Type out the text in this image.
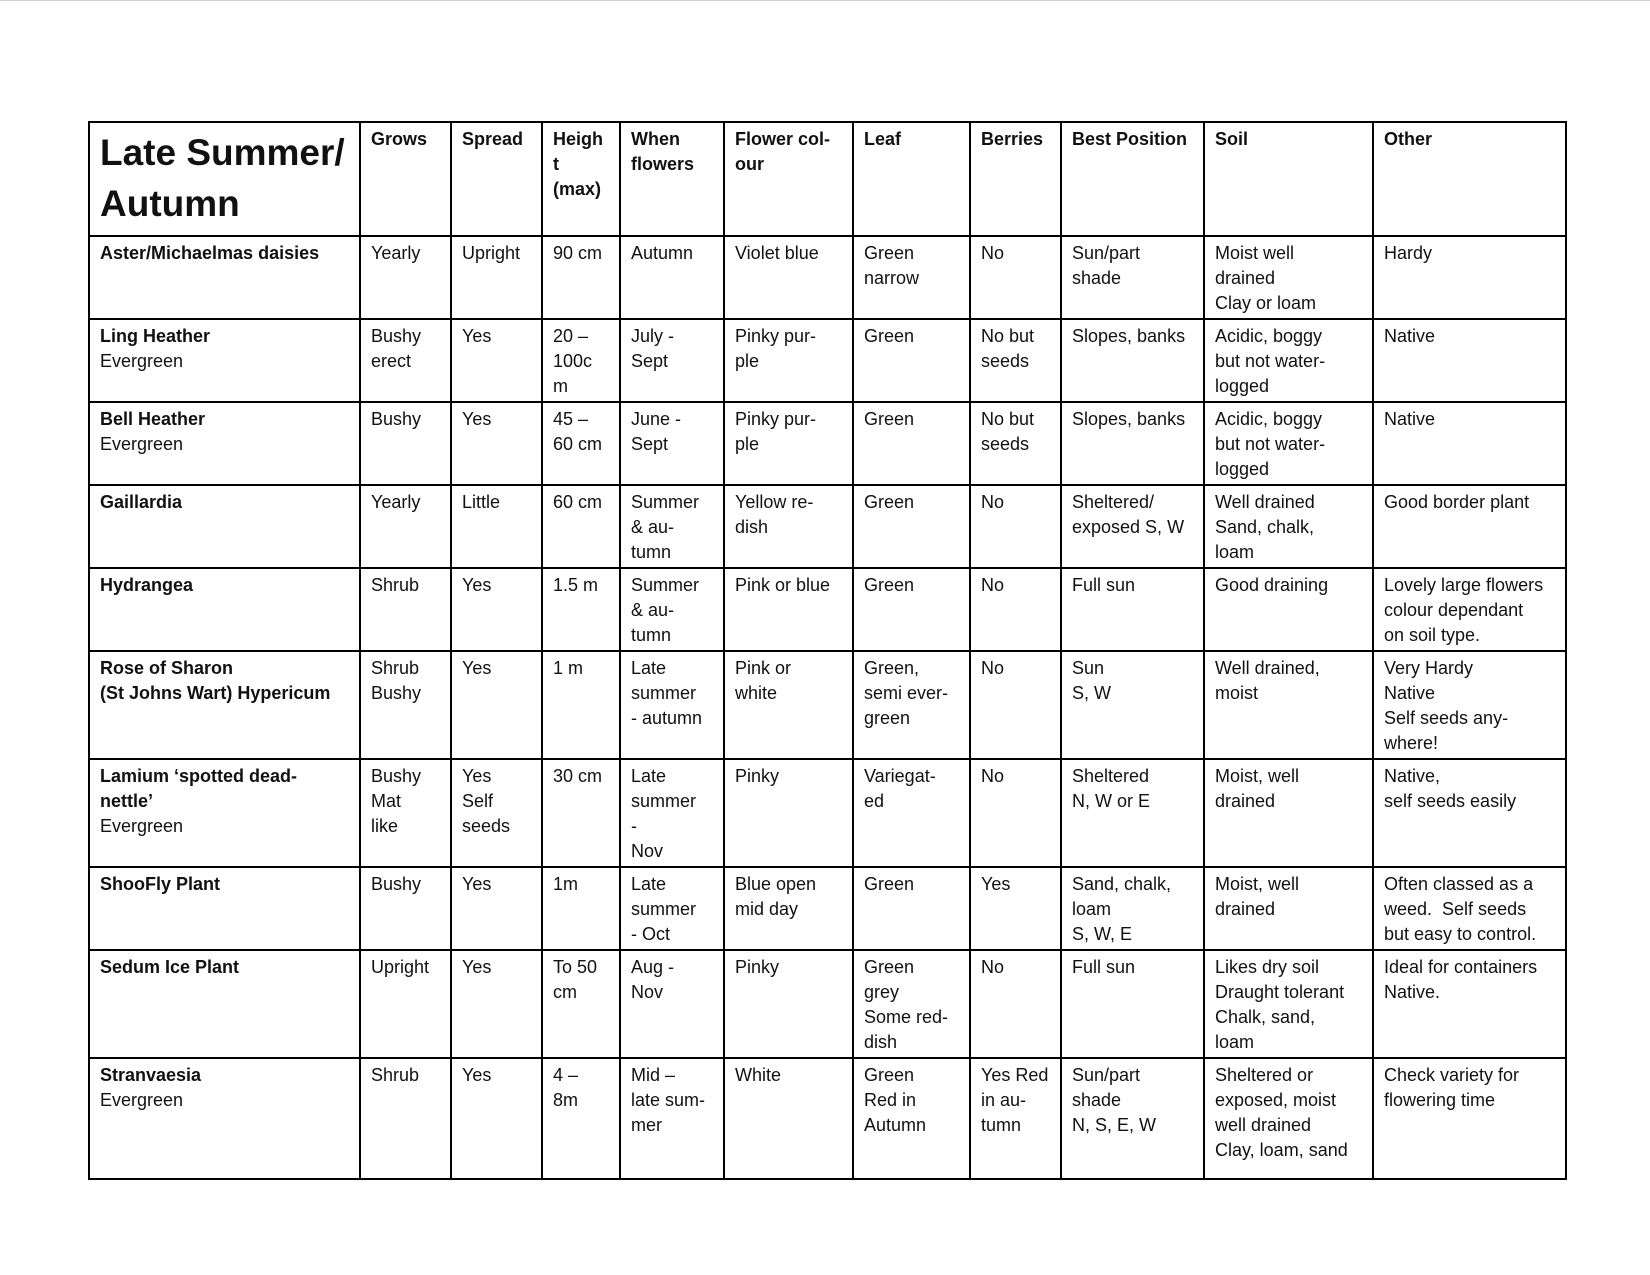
Late Summer/
Autumn	Grows	Spread	Heigh
t
(max)	When
flowers	Flower col-
our	Leaf	Berries	Best Position	Soil	Other

Aster/Michaelmas daisies	Yearly	Upright	90 cm	Autumn	Violet blue	Green
narrow	No	Sun/part
shade	Moist well
drained
Clay or loam	Hardy

Ling Heather
Evergreen	Bushy
erect	Yes	20 –
100c
m	July -
Sept	Pinky pur-
ple	Green	No but
seeds	Slopes, banks	Acidic, boggy
but not water-
logged	Native

Bell Heather
Evergreen	Bushy	Yes	45 –
60 cm	June -
Sept	Pinky pur-
ple	Green	No but
seeds	Slopes, banks	Acidic, boggy
but not water-
logged	Native

Gaillardia	Yearly	Little	60 cm	Summer
& au-
tumn	Yellow re-
dish	Green	No	Sheltered/
exposed S, W	Well drained
Sand, chalk,
loam	Good border plant

Hydrangea	Shrub	Yes	1.5 m	Summer
& au-
tumn	Pink or blue	Green	No	Full sun	Good draining	Lovely large flowers
colour dependant
on soil type.

Rose of Sharon
(St Johns Wart) Hypericum	Shrub
Bushy	Yes	1 m	Late
summer
- autumn	Pink or
white	Green,
semi ever-
green	No	Sun
S, W	Well drained,
moist	Very Hardy
Native
Self seeds any-
where!

Lamium ‘spotted dead-
nettle’
Evergreen	Bushy
Mat
like	Yes
Self
seeds	30 cm	Late
summer
-
Nov	Pinky	Variegat-
ed	No	Sheltered
N, W or E	Moist, well
drained	Native,
self seeds easily

ShooFly Plant	Bushy	Yes	1m	Late
summer
- Oct	Blue open
mid day	Green	Yes	Sand, chalk,
loam
S, W, E	Moist, well
drained	Often classed as a
weed.  Self seeds
but easy to control.

Sedum Ice Plant	Upright	Yes	To 50
cm	Aug -
Nov	Pinky	Green
grey
Some red-
dish	No	Full sun	Likes dry soil
Draught tolerant
Chalk, sand,
loam	Ideal for containers
Native.

Stranvaesia
Evergreen	Shrub	Yes	4 –
8m	Mid –
late sum-
mer	White	Green
Red in
Autumn	Yes Red
in au-
tumn	Sun/part
shade
N, S, E, W	Sheltered or
exposed, moist
well drained
Clay, loam, sand	Check variety for
flowering time
